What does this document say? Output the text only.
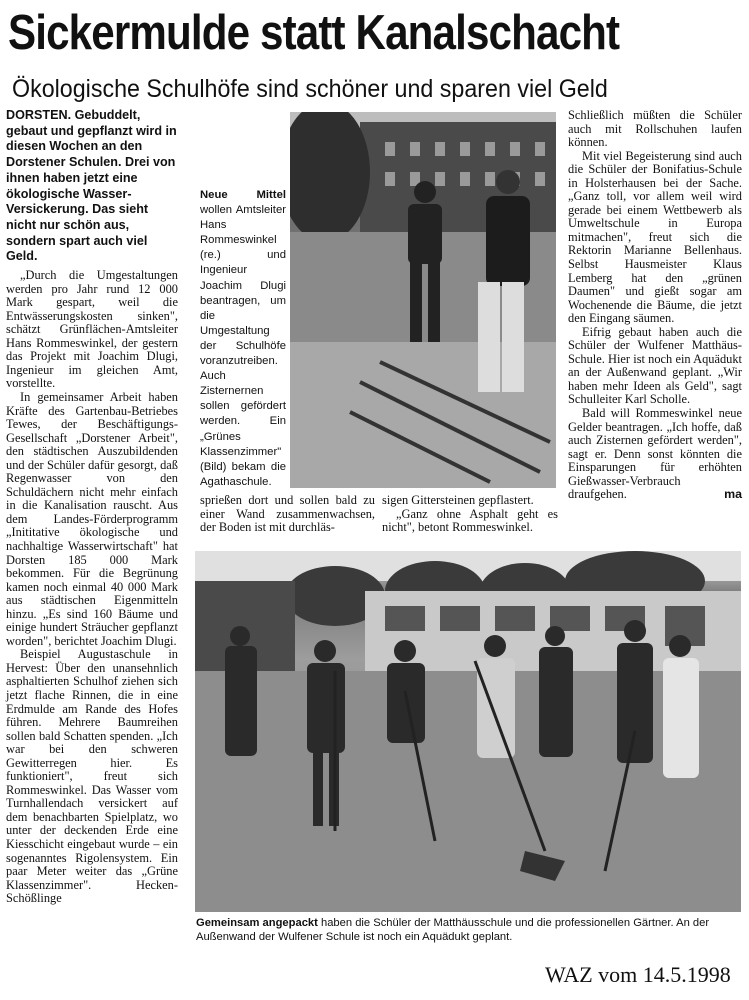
Sickermulde statt Kanalschacht
Ökologische Schulhöfe sind schöner und sparen viel Geld
DORSTEN. Gebuddelt, gebaut und gepflanzt wird in diesen Wochen an den Dorstener Schulen. Drei von ihnen haben jetzt eine ökologische Wasser-Versickerung. Das sieht nicht nur schön aus, sondern spart auch viel Geld.

„Durch die Umgestaltungen werden pro Jahr rund 12 000 Mark gespart, weil die Entwässerungskosten sinken", schätzt Grünflächen-Amtsleiter Hans Rommeswinkel, der gestern das Projekt mit Joachim Dlugi, Ingenieur im gleichen Amt, vorstellte.

In gemeinsamer Arbeit haben Kräfte des Gartenbau-Betriebes Tewes, der Beschäftigungs-Gesellschaft „Dorstener Arbeit", den städtischen Auszubildenden und der Schüler dafür gesorgt, daß Regenwasser von den Schuldächern nicht mehr einfach in die Kanalisation rauscht. Aus dem Landes-Förderprogramm „Inititative ökologische und nachhaltige Wasserwirtschaft" hat Dorsten 185 000 Mark bekommen. Für die Begrünung kamen noch einmal 40 000 Mark aus städtischen Eigenmitteln hinzu. „Es sind 160 Bäume und einige hundert Sträucher gepflanzt worden", berichtet Joachim Dlugi.

Beispiel Augustaschule in Hervest: Über den unansehnlich asphaltierten Schulhof ziehen sich jetzt flache Rinnen, die in eine Erdmulde am Rande des Hofes führen. Mehrere Baumreihen sollen bald Schatten spenden. „Ich war bei den schweren Gewitterregen hier. Es funktioniert", freut sich Rommeswinkel. Das Wasser vom Turnhallendach versickert auf dem benachbarten Spielplatz, wo unter der deckenden Erde eine Kiesschicht eingebaut wurde – ein sogenanntes Rigolensystem. Ein paar Meter weiter das „Grüne Klassenzimmer". Hecken-Schößlinge

Neue Mittel wollen Amtsleiter Hans Rommeswinkel (re.) und Ingenieur Joachim Dlugi beantragen, um die Umgestaltung der Schulhöfe voranzutreiben. Auch Zisternernen sollen gefördert werden. Ein „Grünes Klassenzimmer" (Bild) bekam die Agathaschule.

sprießen dort und sollen bald zu einer Wand zusammenwachsen, der Boden ist mit durchläs-

sigen Gittersteinen gepflastert.

„Ganz ohne Asphalt geht es nicht", betont Rommeswinkel.

Schließlich müßten die Schüler auch mit Rollschuhen laufen können.

Mit viel Begeisterung sind auch die Schüler der Bonifatius-Schule in Holsterhausen bei der Sache. „Ganz toll, vor allem weil wird gerade bei einem Wettbewerb als Umweltschule in Europa mitmachen", freut sich die Rektorin Marianne Bellenhaus. Selbst Hausmeister Klaus Lemberg hat den „grünen Daumen" und gießt sogar am Wochenende die Bäume, die jetzt den Eingang säumen.

Eifrig gebaut haben auch die Schüler der Wulfener Matthäus-Schule. Hier ist noch ein Aquädukt an der Außenwand geplant. „Wir haben mehr Ideen als Geld", sagt Schulleiter Karl Scholle.

Bald will Rommeswinkel neue Gelder beantragen. „Ich hoffe, daß auch Zisternen gefördert werden", sagt er. Denn sonst könnten die Einsparungen für erhöhten Gießwasser-Verbrauch draufgehen.	ma

Gemeinsam angepackt haben die Schüler der Matthäusschule und die professionellen Gärtner. An der Außenwand der Wulfener Schule ist noch ein Aquädukt geplant.
WAZ vom 14.5.1998
